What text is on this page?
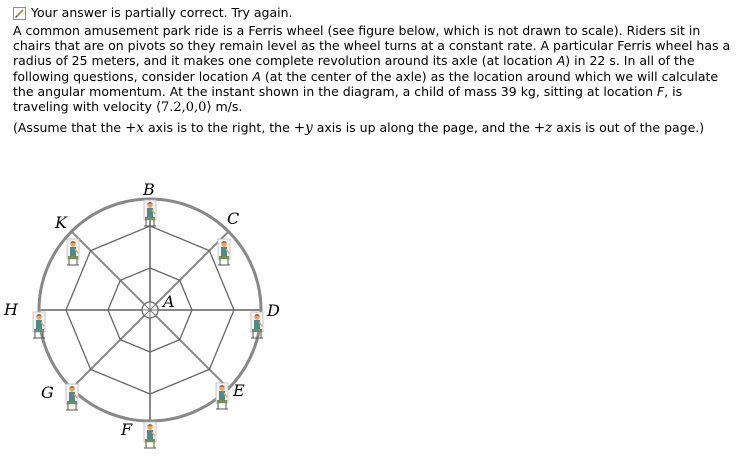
Your answer is partially correct. Try again.

A common amusement park ride is a Ferris wheel (see figure below, which is not drawn to scale). Riders sit in chairs that are on pivots so they remain level as the wheel turns at a constant rate. A particular Ferris wheel has a radius of 25 meters, and it makes one complete revolution around its axle (at location A) in 22 s. In all of the following questions, consider location A (at the center of the axle) as the location around which we will calculate the angular momentum. At the instant shown in the diagram, a child of mass 39 kg, sitting at location F, is traveling with velocity ⟨7.2,0,0⟩ m/s.

(Assume that the +x axis is to the right, the +y axis is up along the page, and the +z axis is out of the page.)

B
C
D
E
F
G
H
K
A
